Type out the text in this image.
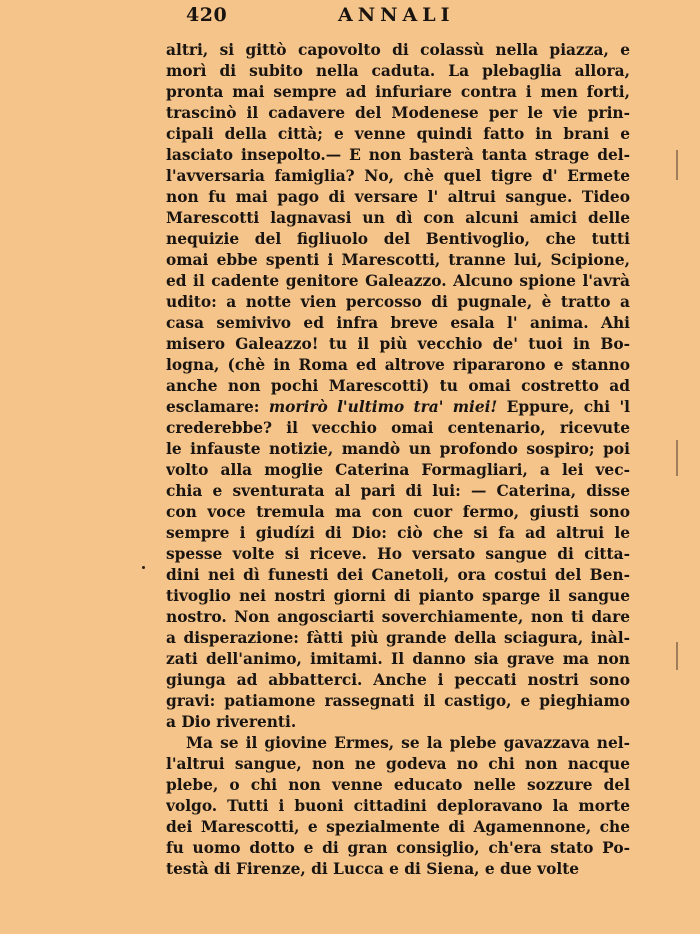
420	ANNALI
altri, si gittò capovolto di colassù nella piazza, e
morì di subito nella caduta. La plebaglia allora,
pronta mai sempre ad infuriare contra i men forti,
trascinò il cadavere del Modenese per le vie prin-
cipali della città; e venne quindi fatto in brani e
lasciato insepolto.— E non basterà tanta strage del-
l'avversaria famiglia? No, chè quel tigre d' Ermete
non fu mai pago di versare l' altrui sangue. Tideo
Marescotti lagnavasi un dì con alcuni amici delle
nequizie del figliuolo del Bentivoglio, che tutti
omai ebbe spenti i Marescotti, tranne lui, Scipione,
ed il cadente genitore Galeazzo. Alcuno spione l'avrà
udito: a notte vien percosso di pugnale, è tratto a
casa semivivo ed infra breve esala l' anima. Ahi
misero Galeazzo! tu il più vecchio de' tuoi in Bo-
logna, (chè in Roma ed altrove ripararono e stanno
anche non pochi Marescotti) tu omai costretto ad
esclamare: morirò l'ultimo tra' miei! Eppure, chi 'l
crederebbe? il vecchio omai centenario, ricevute
le infauste notizie, mandò un profondo sospiro; poi
volto alla moglie Caterina Formagliari, a lei vec-
chia e sventurata al pari di lui: — Caterina, disse
con voce tremula ma con cuor fermo, giusti sono
sempre i giudízi di Dio: ciò che si fa ad altrui le
spesse volte si riceve. Ho versato sangue di citta-
dini nei dì funesti dei Canetoli, ora costui del Ben-
tivoglio nei nostri giorni di pianto sparge il sangue
nostro. Non angosciarti soverchiamente, non ti dare
a disperazione: fàtti più grande della sciagura, inàl-
zati dell'animo, imitami. Il danno sia grave ma non
giunga ad abbatterci. Anche i peccati nostri sono
gravi: patiamone rassegnati il castigo, e pieghiamo
a Dio riverenti.
Ma se il giovine Ermes, se la plebe gavazzava nel-
l'altrui sangue, non ne godeva no chi non nacque
plebe, o chi non venne educato nelle sozzure del
volgo. Tutti i buoni cittadini deploravano la morte
dei Marescotti, e spezialmente di Agamennone, che
fu uomo dotto e di gran consiglio, ch'era stato Po-
testà di Firenze, di Lucca e di Siena, e due volte
